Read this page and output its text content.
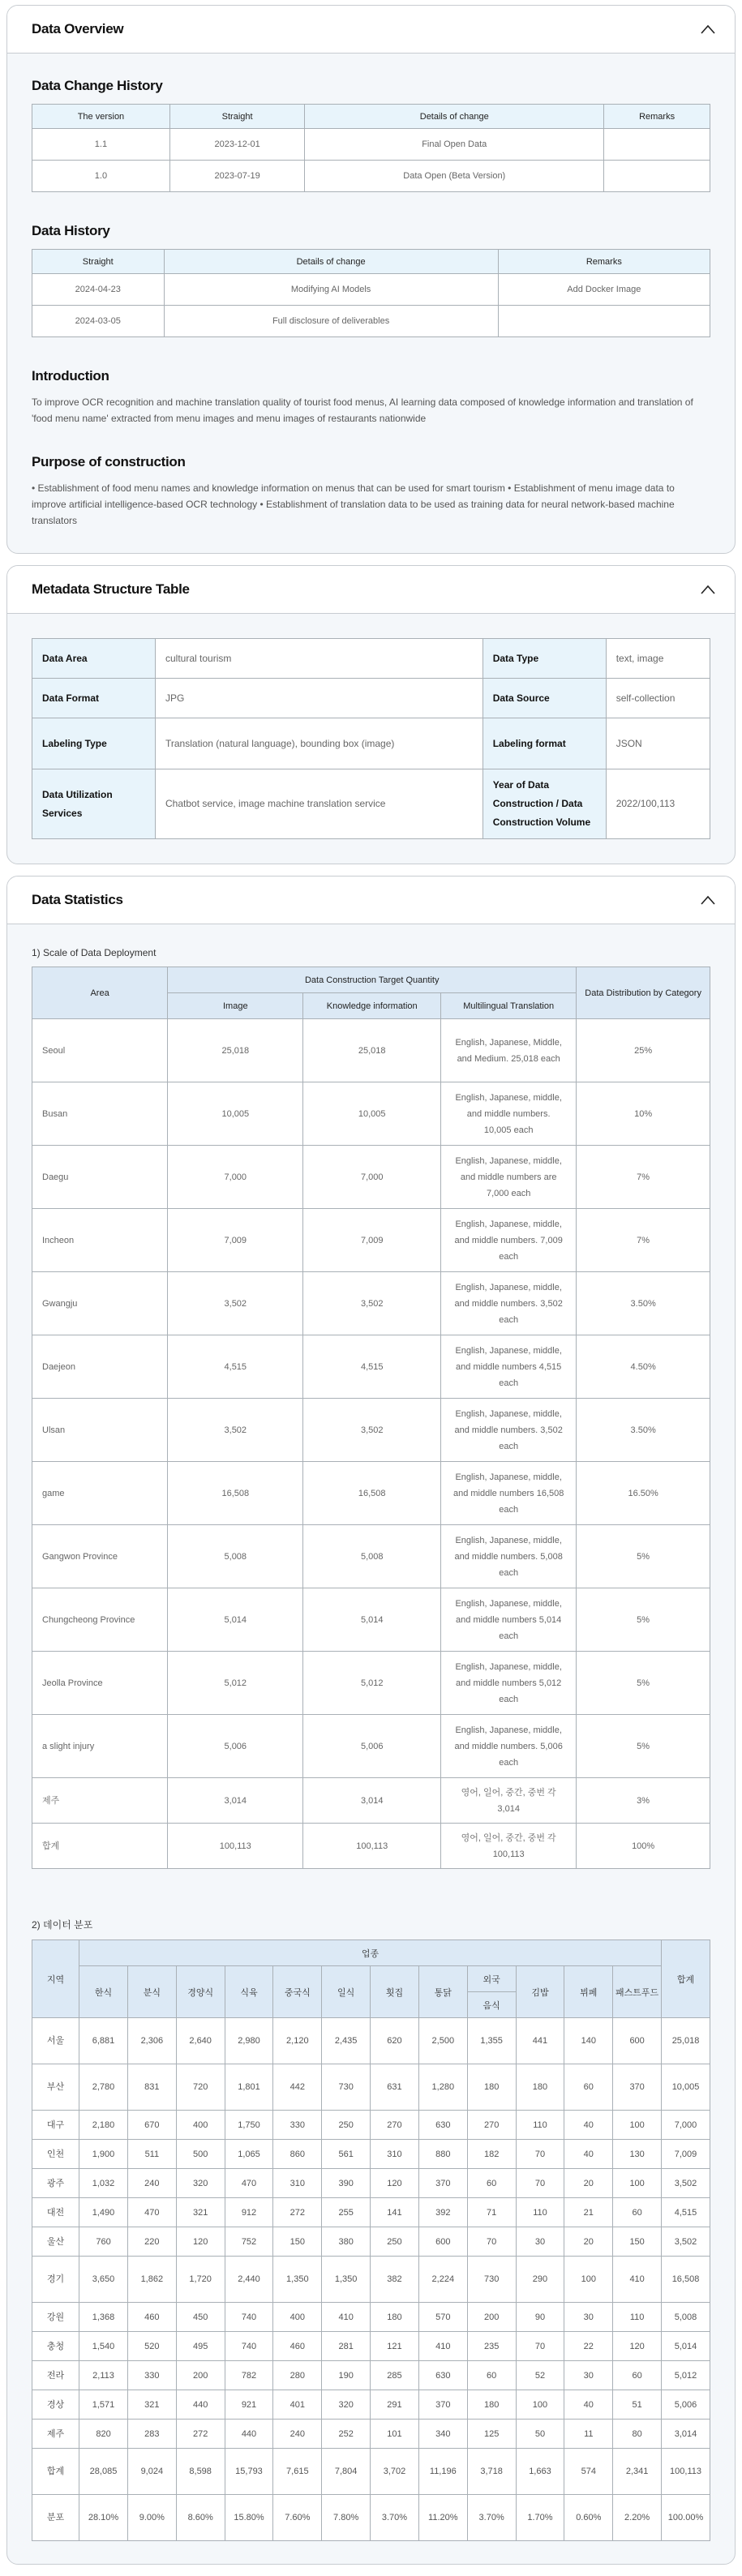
Data Overview
Data Change History
The version	Straight	Details of change	Remarks
1.1	2023-12-01	Final Open Data	
1.0	2023-07-19	Data Open (Beta Version)	
Data History
Straight	Details of change	Remarks
2024-04-23	Modifying AI Models	Add Docker Image
2024-03-05	Full disclosure of deliverables	
Introduction

To improve OCR recognition and machine translation quality of tourist food menus, AI learning data composed of knowledge information and translation of 'food menu name' extracted from menu images and menu images of restaurants nationwide

Purpose of construction

• Establishment of food menu names and knowledge information on menus that can be used for smart tourism • Establishment of menu image data to improve artificial intelligence-based OCR technology • Establishment of translation data to be used as training data for neural network-based machine translators

Metadata Structure Table
Data Area	cultural tourism	Data Type	text, image
Data Format	JPG	Data Source	self-collection
Labeling Type	Translation (natural language), bounding box (image)	Labeling format	JSON
Data Utilization Services	Chatbot service, image machine translation service	Year of Data Construction / Data Construction Volume	2022/100,113
Data Statistics
1) Scale of Data Deployment
Area	Data Construction Target Quantity			Data Distribution by Category
	Image	Knowledge information	Multilingual Translation	
Seoul	25,018	25,018	English, Japanese, Middle, and Medium. 25,018 each	25%
Busan	10,005	10,005	English, Japanese, middle, and middle numbers. 10,005 each	10%
Daegu	7,000	7,000	English, Japanese, middle, and middle numbers are 7,000 each	7%
Incheon	7,009	7,009	English, Japanese, middle, and middle numbers. 7,009 each	7%
Gwangju	3,502	3,502	English, Japanese, middle, and middle numbers. 3,502 each	3.50%
Daejeon	4,515	4,515	English, Japanese, middle, and middle numbers 4,515 each	4.50%
Ulsan	3,502	3,502	English, Japanese, middle, and middle numbers. 3,502 each	3.50%
game	16,508	16,508	English, Japanese, middle, and middle numbers 16,508 each	16.50%
Gangwon Province	5,008	5,008	English, Japanese, middle, and middle numbers. 5,008 each	5%
Chungcheong Province	5,014	5,014	English, Japanese, middle, and middle numbers 5,014 each	5%
Jeolla Province	5,012	5,012	English, Japanese, middle, and middle numbers 5,012 each	5%
a slight injury	5,006	5,006	English, Japanese, middle, and middle numbers. 5,006 each	5%
제주	3,014	3,014	영어, 일어, 중간, 중번 각 3,014	3%
합계	100,113	100,113	영어, 일어, 중간, 중번 각 100,113	100%
2) 데이터 분포
지역	업종												합계
	한식	분식	경양식	식육	중국식	일식	횟집	통닭	외국	김밥	뷔페	패스트푸드	
									음식				
서울	6,881	2,306	2,640	2,980	2,120	2,435	620	2,500	1,355	441	140	600	25,018
부산	2,780	831	720	1,801	442	730	631	1,280	180	180	60	370	10,005
대구	2,180	670	400	1,750	330	250	270	630	270	110	40	100	7,000
인천	1,900	511	500	1,065	860	561	310	880	182	70	40	130	7,009
광주	1,032	240	320	470	310	390	120	370	60	70	20	100	3,502
대전	1,490	470	321	912	272	255	141	392	71	110	21	60	4,515
울산	760	220	120	752	150	380	250	600	70	30	20	150	3,502
경기	3,650	1,862	1,720	2,440	1,350	1,350	382	2,224	730	290	100	410	16,508
강원	1,368	460	450	740	400	410	180	570	200	90	30	110	5,008
충청	1,540	520	495	740	460	281	121	410	235	70	22	120	5,014
전라	2,113	330	200	782	280	190	285	630	60	52	30	60	5,012
경상	1,571	321	440	921	401	320	291	370	180	100	40	51	5,006
제주	820	283	272	440	240	252	101	340	125	50	11	80	3,014
합계	28,085	9,024	8,598	15,793	7,615	7,804	3,702	11,196	3,718	1,663	574	2,341	100,113
분포	28.10%	9.00%	8.60%	15.80%	7.60%	7.80%	3.70%	11.20%	3.70%	1.70%	0.60%	2.20%	100.00%
